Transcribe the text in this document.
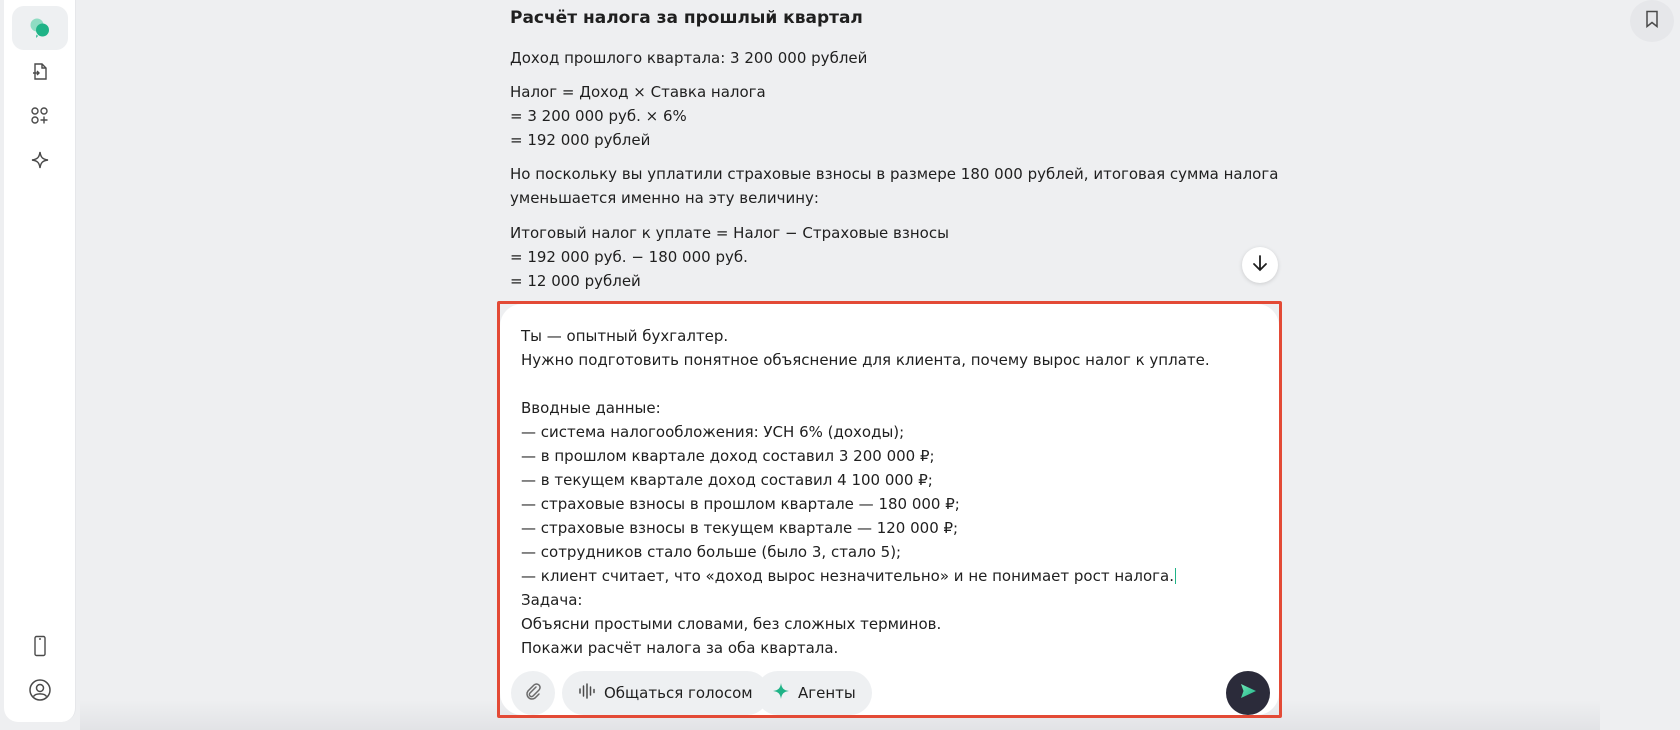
Расчёт налога за прошлый квартал
Доход прошлого квартала: 3 200 000 рублей
Налог = Доход × Ставка налога
= 3 200 000 руб. × 6%
= 192 000 рублей
Но поскольку вы уплатили страховые взносы в размере 180 000 рублей, итоговая сумма налога
уменьшается именно на эту величину:
Итоговый налог к уплате = Налог − Страховые взносы
= 192 000 руб. − 180 000 руб.
= 12 000 рублей
Ты — опытный бухгалтер.
Нужно подготовить понятное объяснение для клиента, почему вырос налог к уплате.
Вводные данные:
— система налогообложения: УСН 6% (доходы);
— в прошлом квартале доход составил 3 200 000 ₽;
— в текущем квартале доход составил 4 100 000 ₽;
— страховые взносы в прошлом квартале — 180 000 ₽;
— страховые взносы в текущем квартале — 120 000 ₽;
— сотрудников стало больше (было 3, стало 5);
— клиент считает, что «доход вырос незначительно» и не понимает рост налога.
Задача:
Объясни простыми словами, без сложных терминов.
Покажи расчёт налога за оба квартала.
Общаться голосом	Агенты
